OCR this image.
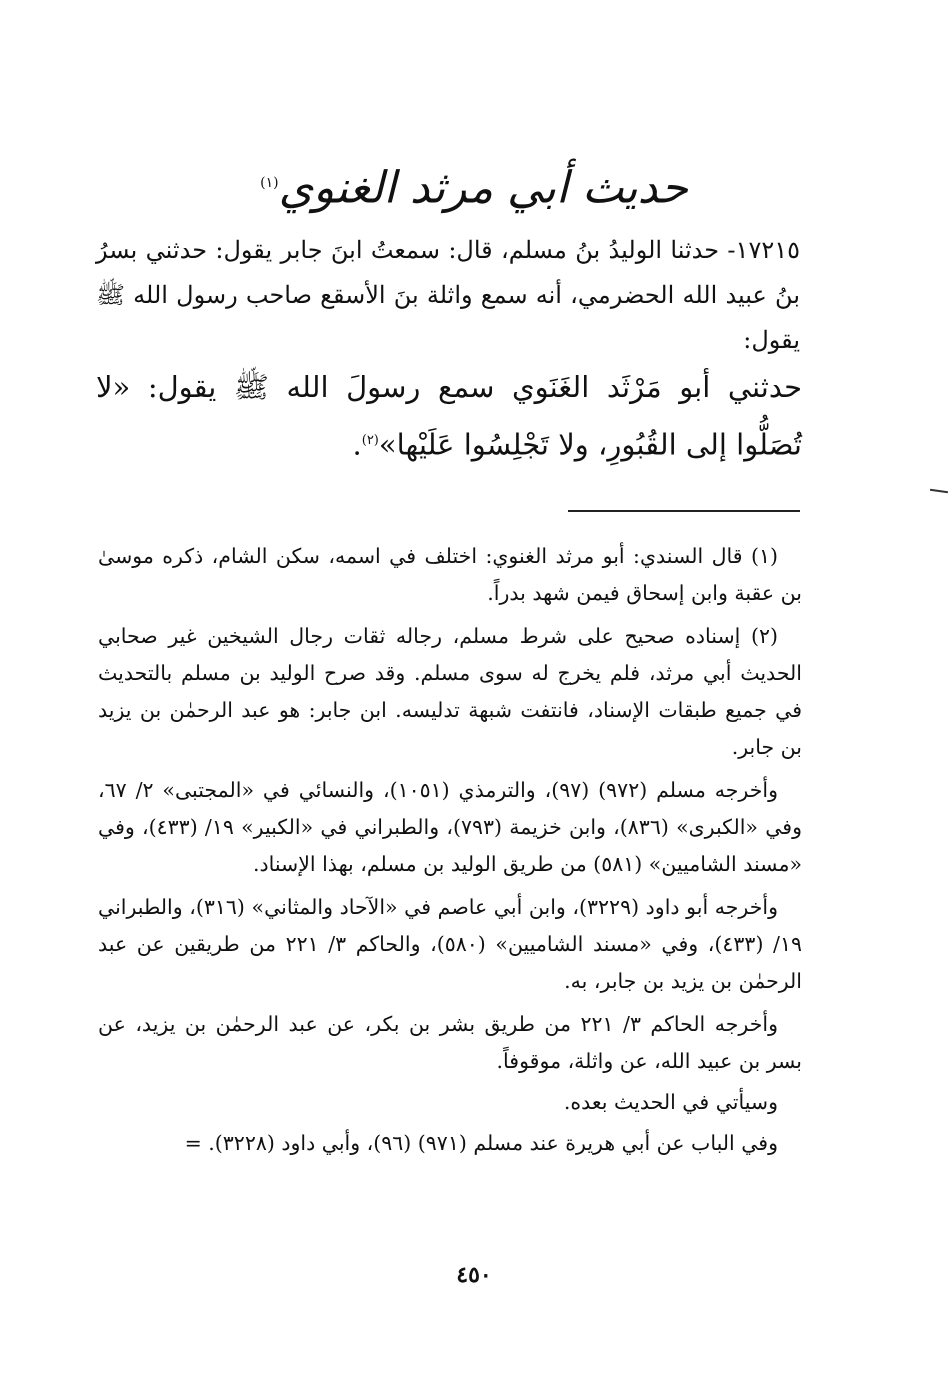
حديث أبي مرثد الغنوي$^{(١)}$
١٧٢١٥- حدثنا الوليدُ بنُ مسلم، قال: سمعتُ ابنَ جابر يقول: حدثني بسرُ بنُ عبيد الله الحضرمي، أنه سمع واثلة بنَ الأسقع صاحب رسول الله ﷺ يقول:
حدثني أبو مَرْثَد الغَنَوي سمع رسولَ الله ﷺ يقول: «لا تُصَلُّوا إلى القُبُورِ، ولا تَجْلِسُوا عَلَيْها»$^{(٢)}$.

(١) قال السندي: أبو مرثد الغنوي: اختلف في اسمه، سكن الشام، ذكره موسىٰ بن عقبة وابن إسحاق فيمن شهد بدراً.

(٢) إسناده صحيح على شرط مسلم، رجاله ثقات رجال الشيخين غير صحابي الحديث أبي مرثد، فلم يخرج له سوى مسلم. وقد صرح الوليد بن مسلم بالتحديث في جميع طبقات الإسناد، فانتفت شبهة تدليسه. ابن جابر: هو عبد الرحمٰن بن يزيد بن جابر.

وأخرجه مسلم (٩٧٢) (٩٧)، والترمذي (١٠٥١)، والنسائي في «المجتبى» ٢/ ٦٧، وفي «الكبرى» (٨٣٦)، وابن خزيمة (٧٩٣)، والطبراني في «الكبير» ١٩/ (٤٣٣)، وفي «مسند الشاميين» (٥٨١) من طريق الوليد بن مسلم، بهذا الإسناد.

وأخرجه أبو داود (٣٢٢٩)، وابن أبي عاصم في «الآحاد والمثاني» (٣١٦)، والطبراني ١٩/ (٤٣٣)، وفي «مسند الشاميين» (٥٨٠)، والحاكم ٣/ ٢٢١ من طريقين عن عبد الرحمٰن بن يزيد بن جابر، به.

وأخرجه الحاكم ٣/ ٢٢١ من طريق بشر بن بكر، عن عبد الرحمٰن بن يزيد، عن بسر بن عبيد الله، عن واثلة، موقوفاً.

وسيأتي في الحديث بعده.

وفي الباب عن أبي هريرة عند مسلم (٩٧١) (٩٦)، وأبي داود (٣٢٢٨). =

٤٥٠
